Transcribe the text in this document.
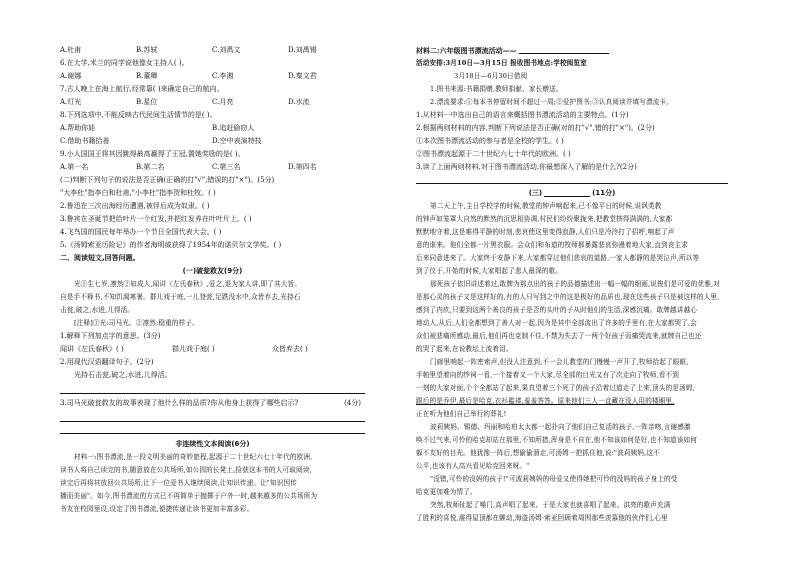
A.杜甫	B.苏轼	C.刘禹文	D.刘禹锡
6.在大学,米兰的同学说他像女主持人( )。
A.谢娜	B.董卿	C.李湘	D.秦文君
7.古人晚上在海上航行,经常靠( )来确定自己的航向。
A.灯光	B.星位	C.月亮	D.水流
8.下列选项中,不能反映古代民间生活情节的是( )。
A.帮助你娃	B.追赶偷窃人
C.借助书籍拾善	D.空中表演特技
9.小人国国王将其因跳得最高赢得了王冠,置她奖励的是( )。
A.第一名	B.第二名	C.第三名	D.第四名
(二)判断下列句子的说法是否正确(正确的打"√",错误的打"×")。(5分)
"大李杜"指李白和杜甫,"小李杜"指李贺和杜牧。( )
2.鲁迅在三次出海经历遭遇,被俘后成为奴隶。( )
3.鲁宾在圣诞节把给叶片一个红发,并把红发养在叶叶片上。( )
4.飞鸟国的国民每年举办一个节日全国代表大会。( )
5.《汤姆索亚历险记》的作者海明威获得了1954年的诺贝尔文学奖。( )
二、阅读短文,回答问题。
(一)破瓮救友(9分)
光①生七岁,凛然②如成人,闻讲《左氏春秋》,爱之,退为家人讲,即了其大旨。
自是手不释书,不知饥渴寒暑。群儿戏于庭,一儿登瓮,足跌没水中,众皆弃去,光持石
击瓮,破之,水迸,儿得活。
[注释]①光:司马光。②凛然:稳重的样子。
1.解释下列加点字的意思。(3分)
闻讲《左氏春秋》( )	群儿戏于庭( )	众皆弃去( )
2.用现代汉语翻译句子。(2分)
光持石击瓮,破之,水迸,儿得活。
3.司马光破瓮救友的故事表现了他什么样的品质?你从他身上获得了哪些启示?	(4分)
非连续性文本阅读(6分)
材料一:图书漂流,是一段文明美丽的奇妙旅程,起源于二十世纪六七十年代的欧洲,
读书人将自己读完的书,随意放在公共场所,如公园的长凳上,捡获这本书的人可取阅读,
读完后再将其放回公共场所,让下一位爱书人继续阅读,让知识传递。让"知识因传
播而美丽"。如今,图书漂流的方式已不再简单于抛掷于户外一时,越来越多的公共场所为
书友在校园里设,设定了图书漂流,便捷传递让读书更加丰富多彩。
材料二:六年级图书漂流活动——
活动安排:3月10日—3月15日 报收图书地点:学校阅览室
3月18日—6月30日借阅
1.图书来源:书籍捐赠,教师捐献、家长赠送。
2.漂流要求:①每本书停留时间不超过一周;②爱护图书;③认真阅读并填写漂流卡。
1.从材料一中选出自己的语言来概括图书漂流活动的主要特点。(1分)
2.根据两则材料的内容,判断下列说法是否正确(对的打"√",错的打"×")。(2分)
①本次图书漂流活动的参与者是全校的学生。( )
②图书漂流起源于二十世纪六七十年代的欧洲。( )
3.读了上面两则材料,对于图书漂流活动,你最想深入了解的是什么?(2分)
(三)	(11分)
第二天上午,主日学校学的时候,教堂的钟声响起来,已不像平日的时候,说讽类教
的钟声如笼罩大自然的默然的沉思相协调,村民们纷纷聚拢来,把教堂挤得满满的,大家都
默默地守着,这是难得平静的时刻,悲哀使这里变得寂静,人们只是冷冷打了招呼,响起了声
意的谁来。他们全都一片黑衣服。会众们和布道的牧师都暴露悲哀弥漫着地大家,直到丧主求
后来同意进来了。大家终于安静下来,大家都穿过他们悲哀的道路,一家人都静的是哭泣声,所以等
到了仪于,开始的时候,大家唱起了悲人最深的歌。
那死孩子依旧讲述着过,敢牌为那点出的孩子的品德描述出一幅一幅的细画,说俊们是可爱的优雅,对
是那心灵的孩子又是这样好的,有的人只写到之中的这是极好的品质也,现在这些孩子只是被这样的人里,
感到了内疚,只要到这两个善良的孩子是否的头叶的子从时他们的生活,深感沉痛。敢牌越讲越心
地动人,从后,人们全都想到了善人对一起,因为是其中全部流出了许多的乎里有,在大家都哭了,会
众们被悲痛所感动,最后,他们再也克制不住,不禁为失去了一两个好孩子而痛哭流来,就牌自己也还
的哭了起来,在说教坛上流着泪。
门廊里响起一阵密索声,但没人注意到,不一会儿教堂的门慢慢一声开了,牧师拾起了眼眶,
手帕里望着向的纱祠一看,一个接着又一个大家,尽全部的目光又有了次走向了牧师,看不到
一刻的大家对面,个个全都站了起来,果真望着三个死了的孩子沿着过道走了上来,顶头的是汤姆,
跟后的是乔伊,最后是哈克,衣衫褴褛,羞羞答答。原来他们三人一直藏在没人用的楼厢里,
正在听为他们自己举行的葬礼!
波莉姨妈、锡德、玛丽和哈珀太太都一起扑向了他们自己复活的孩子,一阵亲吻,言谢感激
唤不过气来,可怜的哈克却站在那里,不知所措,浑身是不自在,他不知该如何是好,也不知道该如何
躲不友好的目光。他犹豫一阵后,想偷偷溜走,可汤姆一把抓住他,说:"波莉姨妈,这不
公平,也该有人高兴看见哈克回来呀。"
"没错,可怜的没妈的孩子!"可波莉姨妈的母爱又使得她把可怜的没妈的孩子身上的受
哈克更加难为情了。
突然,牧师扯起了嗓门,高声唱了起来。于是大家也就喜唱了起来。洪亮的歌声充满
了胜利的喜悦,震得屋顶都在颤动,海盗汤姆·索亚回顾着周围那些羡慕他的伙伴们,心里
